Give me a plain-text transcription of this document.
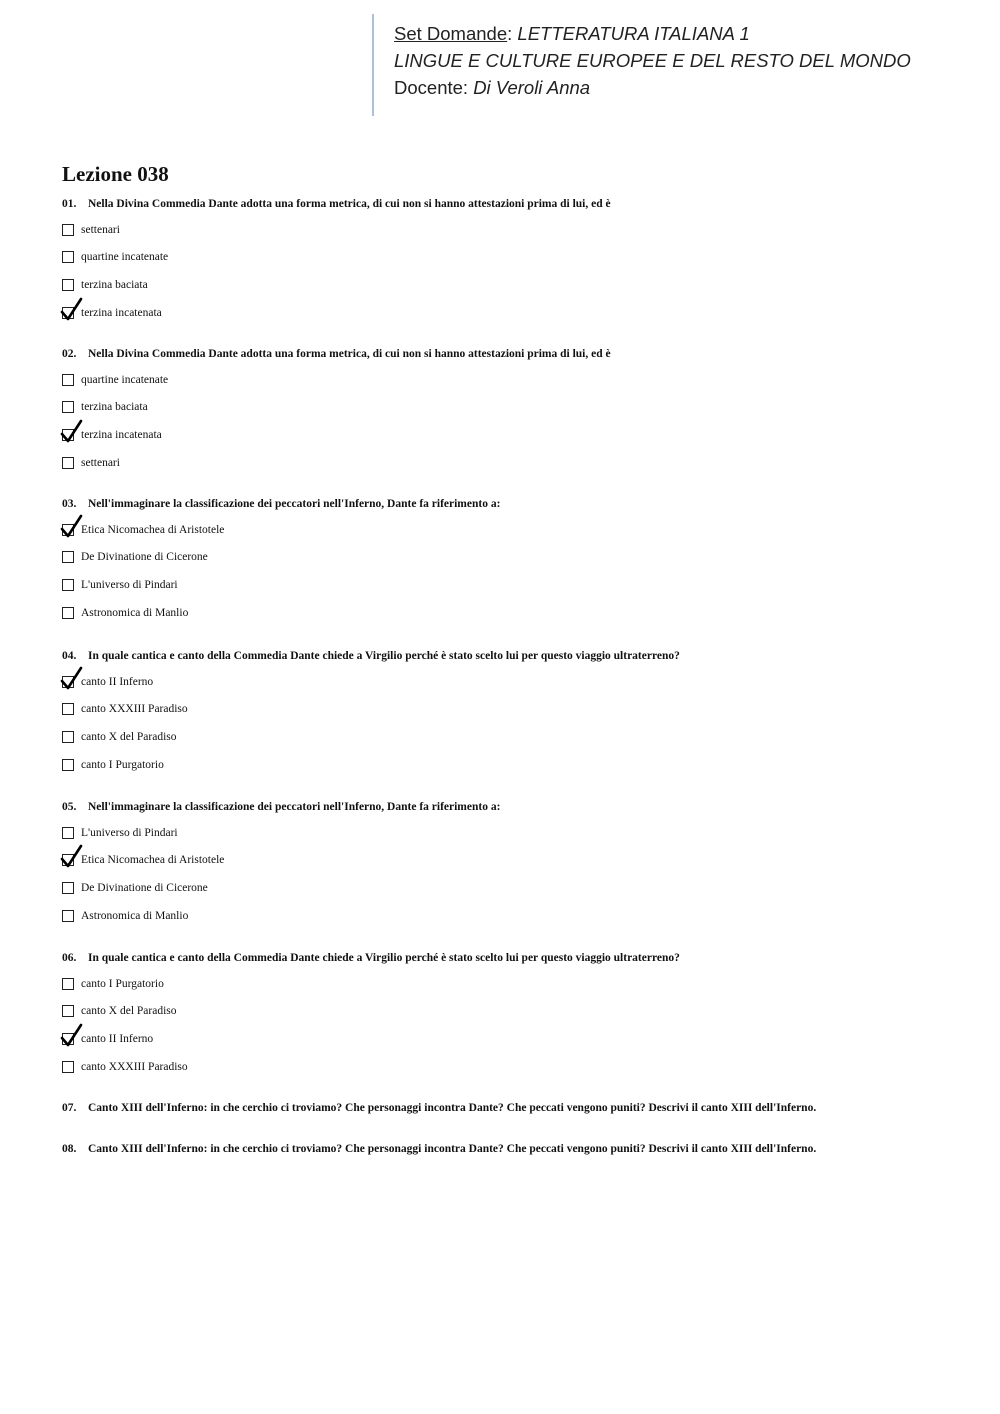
Set Domande: LETTERATURA ITALIANA 1
LINGUE E CULTURE EUROPEE E DEL RESTO DEL MONDO
Docente: Di Veroli Anna
Lezione 038
01. Nella Divina Commedia Dante adotta una forma metrica, di cui non si hanno attestazioni prima di lui, ed è
settenari
quartine incatenate
terzina baciata
terzina incatenata
02. Nella Divina Commedia Dante adotta una forma metrica, di cui non si hanno attestazioni prima di lui, ed è
quartine incatenate
terzina baciata
terzina incatenata
settenari
03. Nell'immaginare la classificazione dei peccatori nell'Inferno, Dante fa riferimento a:
Etica Nicomachea di Aristotele
De Divinatione di Cicerone
L'universo di Pindari
Astronomica di Manlio
04. In quale cantica e canto della Commedia Dante chiede a Virgilio perché è stato scelto lui per questo viaggio ultraterreno?
canto II Inferno
canto XXXIII Paradiso
canto X del Paradiso
canto I Purgatorio
05. Nell'immaginare la classificazione dei peccatori nell'Inferno, Dante fa riferimento a:
L'universo di Pindari
Etica Nicomachea di Aristotele
De Divinatione di Cicerone
Astronomica di Manlio
06. In quale cantica e canto della Commedia Dante chiede a Virgilio perché è stato scelto lui per questo viaggio ultraterreno?
canto I Purgatorio
canto X del Paradiso
canto II Inferno
canto XXXIII Paradiso
07. Canto XIII dell'Inferno: in che cerchio ci troviamo? Che personaggi incontra Dante? Che peccati vengono puniti? Descrivi il canto XIII dell'Inferno.
08. Canto XIII dell'Inferno: in che cerchio ci troviamo? Che personaggi incontra Dante? Che peccati vengono puniti? Descrivi il canto XIII dell'Inferno.
